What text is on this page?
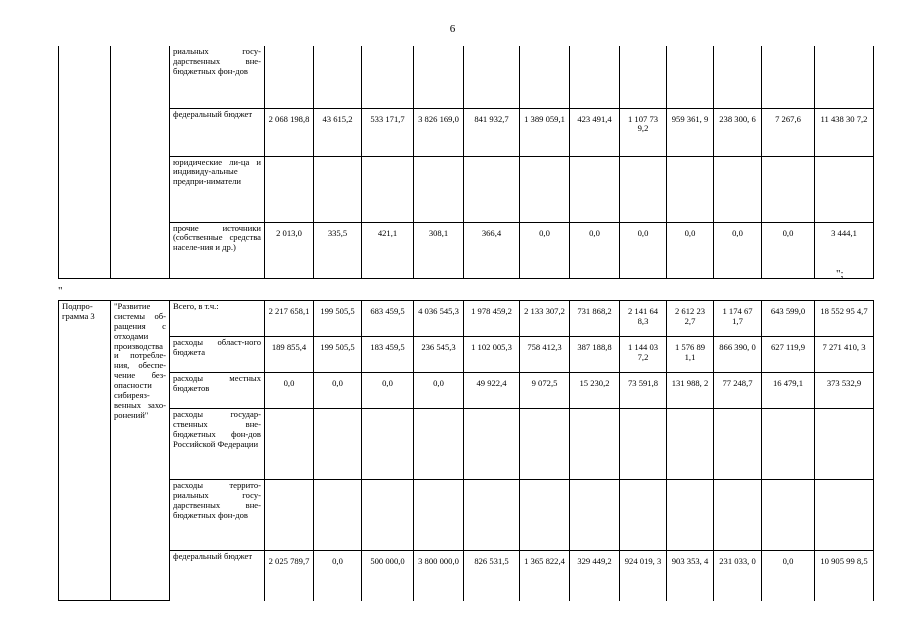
6
		риальных госу-дарственных вне-бюджетных фон-дов												
		федеральный бюджет	2 068 198,8	43 615,2	533 171,7	3 826 169,0	841 932,7	1 389 059,1	423 491,4	1 107 73 9,2	959 361, 9	238 300, 6	7 267,6	11 438 30 7,2
		юридические ли-ца и индивиду-альные предпри-ниматели												
		прочие источники (собственные средства населе-ния и др.)	2 013,0	335,5	421,1	308,1	366,4	0,0	0,0	0,0	0,0	0,0	0,0	3 444,1
";
"
Подпро-грамма 3	"Развитие системы об-ращения с отходами производства и потребле-ния, обеспе-чение без-опасности сибиреяз-венных захо-ронений"	Всего, в т.ч.:	2 217 658,1	199 505,5	683 459,5	4 036 545,3	1 978 459,2	2 133 307,2	731 868,2	2 141 64 8,3	2 612 23 2,7	1 174 67 1,7	643 599,0	18 552 95 4,7
		расходы област-ного бюджета	189 855,4	199 505,5	183 459,5	236 545,3	1 102 005,3	758 412,3	387 188,8	1 144 03 7,2	1 576 89 1,1	866 390, 0	627 119,9	7 271 410, 3
		расходы местных бюджетов	0,0	0,0	0,0	0,0	49 922,4	9 072,5	15 230,2	73 591,8	131 988, 2	77 248,7	16 479,1	373 532,9
		расходы государ-ственных вне-бюджетных фон-дов Российской Федерации												
		расходы террито-риальных госу-дарственных вне-бюджетных фон-дов												
		федеральный бюджет	2 025 789,7	0,0	500 000,0	3 800 000,0	826 531,5	1 365 822,4	329 449,2	924 019, 3	903 353, 4	231 033, 0	0,0	10 905 99 8,5
